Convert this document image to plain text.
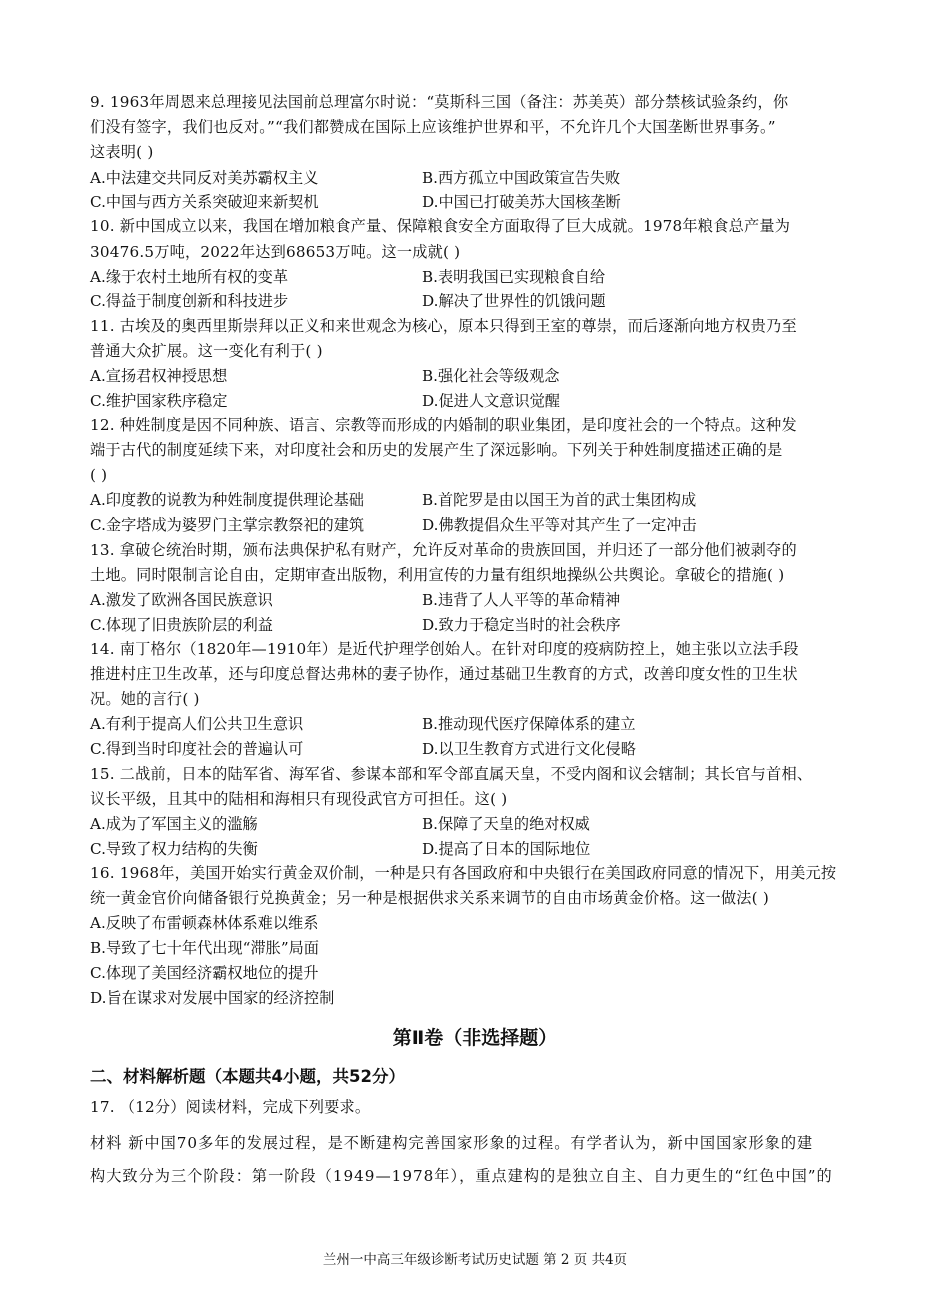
9. 1963年周恩来总理接见法国前总理富尔时说：“莫斯科三国（备注：苏美英）部分禁核试验条约，你
们没有签字，我们也反对。”“我们都赞成在国际上应该维护世界和平，不允许几个大国垄断世界事务。”
这表明( )
A.中法建交共同反对美苏霸权主义	B.西方孤立中国政策宣告失败
C.中国与西方关系突破迎来新契机	D.中国已打破美苏大国核垄断
10. 新中国成立以来，我国在增加粮食产量、保障粮食安全方面取得了巨大成就。1978年粮食总产量为
30476.5万吨，2022年达到68653万吨。这一成就( )
A.缘于农村土地所有权的变革	B.表明我国已实现粮食自给
C.得益于制度创新和科技进步	D.解决了世界性的饥饿问题
11. 古埃及的奥西里斯崇拜以正义和来世观念为核心，原本只得到王室的尊崇，而后逐渐向地方权贵乃至
普通大众扩展。这一变化有利于( )
A.宣扬君权神授思想	B.强化社会等级观念
C.维护国家秩序稳定	D.促进人文意识觉醒
12. 种姓制度是因不同种族、语言、宗教等而形成的内婚制的职业集团，是印度社会的一个特点。这种发
端于古代的制度延续下来，对印度社会和历史的发展产生了深远影响。下列关于种姓制度描述正确的是
( )
A.印度教的说教为种姓制度提供理论基础	B.首陀罗是由以国王为首的武士集团构成
C.金字塔成为婆罗门主掌宗教祭祀的建筑	D.佛教提倡众生平等对其产生了一定冲击
13. 拿破仑统治时期，颁布法典保护私有财产，允许反对革命的贵族回国，并归还了一部分他们被剥夺的
土地。同时限制言论自由，定期审查出版物，利用宣传的力量有组织地操纵公共舆论。拿破仑的措施( )
A.激发了欧洲各国民族意识	B.违背了人人平等的革命精神
C.体现了旧贵族阶层的利益	D.致力于稳定当时的社会秩序
14. 南丁格尔（1820年—1910年）是近代护理学创始人。在针对印度的疫病防控上，她主张以立法手段
推进村庄卫生改革，还与印度总督达弗林的妻子协作，通过基础卫生教育的方式，改善印度女性的卫生状
况。她的言行( )
A.有利于提高人们公共卫生意识	B.推动现代医疗保障体系的建立
C.得到当时印度社会的普遍认可	D.以卫生教育方式进行文化侵略
15. 二战前，日本的陆军省、海军省、参谋本部和军令部直属天皇，不受内阁和议会辖制；其长官与首相、
议长平级，且其中的陆相和海相只有现役武官方可担任。这( )
A.成为了军国主义的滥觞	B.保障了天皇的绝对权威
C.导致了权力结构的失衡	D.提高了日本的国际地位
16. 1968年，美国开始实行黄金双价制，一种是只有各国政府和中央银行在美国政府同意的情况下，用美元按
统一黄金官价向储备银行兑换黄金；另一种是根据供求关系来调节的自由市场黄金价格。这一做法( )
A.反映了布雷顿森林体系难以维系
B.导致了七十年代出现“滞胀”局面
C.体现了美国经济霸权地位的提升
D.旨在谋求对发展中国家的经济控制
第Ⅱ卷（非选择题）
二、材料解析题（本题共4小题，共52分）
17. （12分）阅读材料，完成下列要求。
材料 新中国70多年的发展过程，是不断建构完善国家形象的过程。有学者认为，新中国国家形象的建
构大致分为三个阶段：第一阶段（1949—1978年），重点建构的是独立自主、自力更生的“红色中国”的
兰州一中高三年级诊断考试历史试题 第 2 页 共4页
